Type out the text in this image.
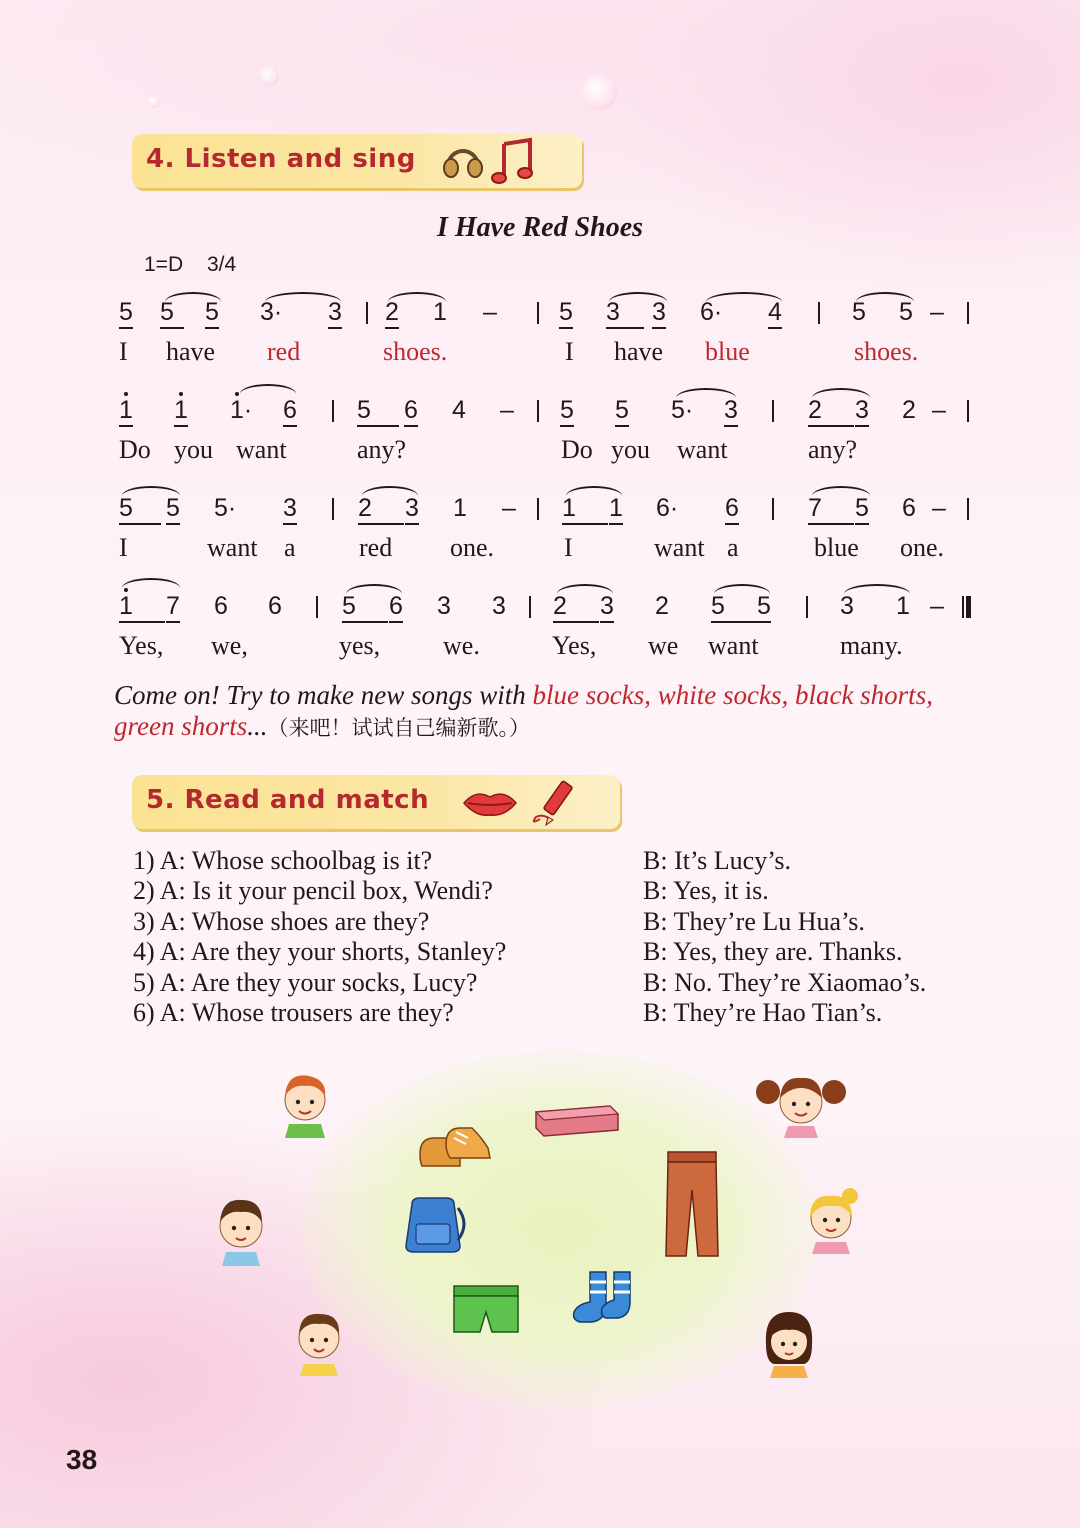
4. Listen and sing
I Have Red Shoes
1=D 3/4
5 5	5 3· 3 2 1 – 5 3	3 6· 4	5 5 –
I have red	shoes.	I have blue	shoes.
1 1 1· 6 5	6 4 – 5 5 5· 3	2	3 2 –
Do you want	any?	Do you want	any?
5	5 5· 3 2	3 1 – 1	1 6· 6	7	5 6 –
I	want a red one.	I	want a	blue one.
1	7 6 6 5	6 3 3 2	3 2 5	5	3 1 –
Yes, we,	yes, we.	Yes, we want	many.
Come on! Try to make new songs with blue socks, white socks, black shorts, green shorts...（来吧！试试自己编新歌。）
5. Read and match
1) A: Whose schoolbag is it?
2) A: Is it your pencil box, Wendi?
3) A: Whose shoes are they?
4) A: Are they your shorts, Stanley?
5) A: Are they your socks, Lucy?
6) A: Whose trousers are they?
B: It’s Lucy’s.
B: Yes, it is.
B: They’re Lu Hua’s.
B: Yes, they are. Thanks.
B: No. They’re Xiaomao’s.
B: They’re Hao Tian’s.
38
